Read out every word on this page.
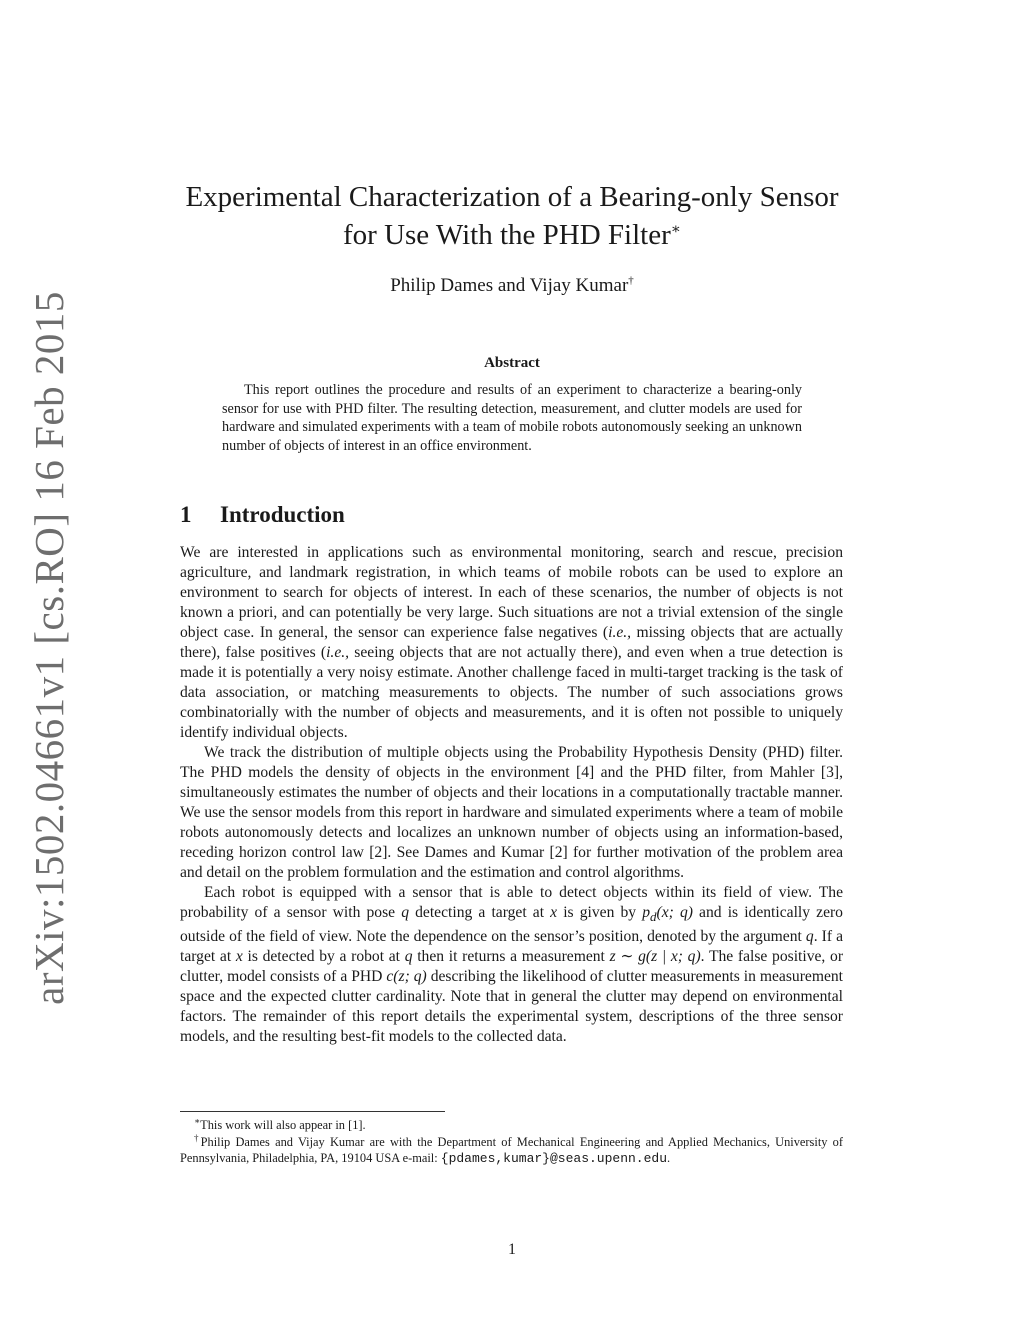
arXiv:1502.04661v1 [cs.RO] 16 Feb 2015
Experimental Characterization of a Bearing-only Sensor
for Use With the PHD Filter∗
Philip Dames and Vijay Kumar†
Abstract

This report outlines the procedure and results of an experiment to characterize a bearing-only sensor for use with PHD filter. The resulting detection, measurement, and clutter models are used for hardware and simulated experiments with a team of mobile robots autonomously seeking an unknown number of objects of interest in an office environment.

1 Introduction

We are interested in applications such as environmental monitoring, search and rescue, precision agriculture, and landmark registration, in which teams of mobile robots can be used to explore an environment to search for objects of interest. In each of these scenarios, the number of objects is not known a priori, and can potentially be very large. Such situations are not a trivial extension of the single object case. In general, the sensor can experience false negatives (i.e., missing objects that are actually there), false positives (i.e., seeing objects that are not actually there), and even when a true detection is made it is potentially a very noisy estimate. Another challenge faced in multi-target tracking is the task of data association, or matching measurements to objects. The number of such associations grows combinatorially with the number of objects and measurements, and it is often not possible to uniquely identify individual objects.

We track the distribution of multiple objects using the Probability Hypothesis Density (PHD) filter. The PHD models the density of objects in the environment [4] and the PHD filter, from Mahler [3], simultaneously estimates the number of objects and their locations in a computationally tractable manner. We use the sensor models from this report in hardware and simulated experiments where a team of mobile robots autonomously detects and localizes an unknown number of objects using an information-based, receding horizon control law [2]. See Dames and Kumar [2] for further motivation of the problem area and detail on the problem formulation and the estimation and control algorithms.

Each robot is equipped with a sensor that is able to detect objects within its field of view. The probability of a sensor with pose q detecting a target at x is given by $p_d(x$; q) and is identically zero outside of the field of view. Note the dependence on the sensor’s position, denoted by the argument q. If a target at x is detected by a robot at q then it returns a measurement z ∼ g(z | x; q). The false positive, or clutter, model consists of a PHD c(z; q) describing the likelihood of clutter measurements in measurement space and the expected clutter cardinality. Note that in general the clutter may depend on environmental factors. The remainder of this report details the experimental system, descriptions of the three sensor models, and the resulting best-fit models to the collected data.

∗This work will also appear in [1].

†Philip Dames and Vijay Kumar are with the Department of Mechanical Engineering and Applied Mechanics, University of Pennsylvania, Philadelphia, PA, 19104 USA e-mail: {pdames,kumar}@seas.upenn.edu.

1
